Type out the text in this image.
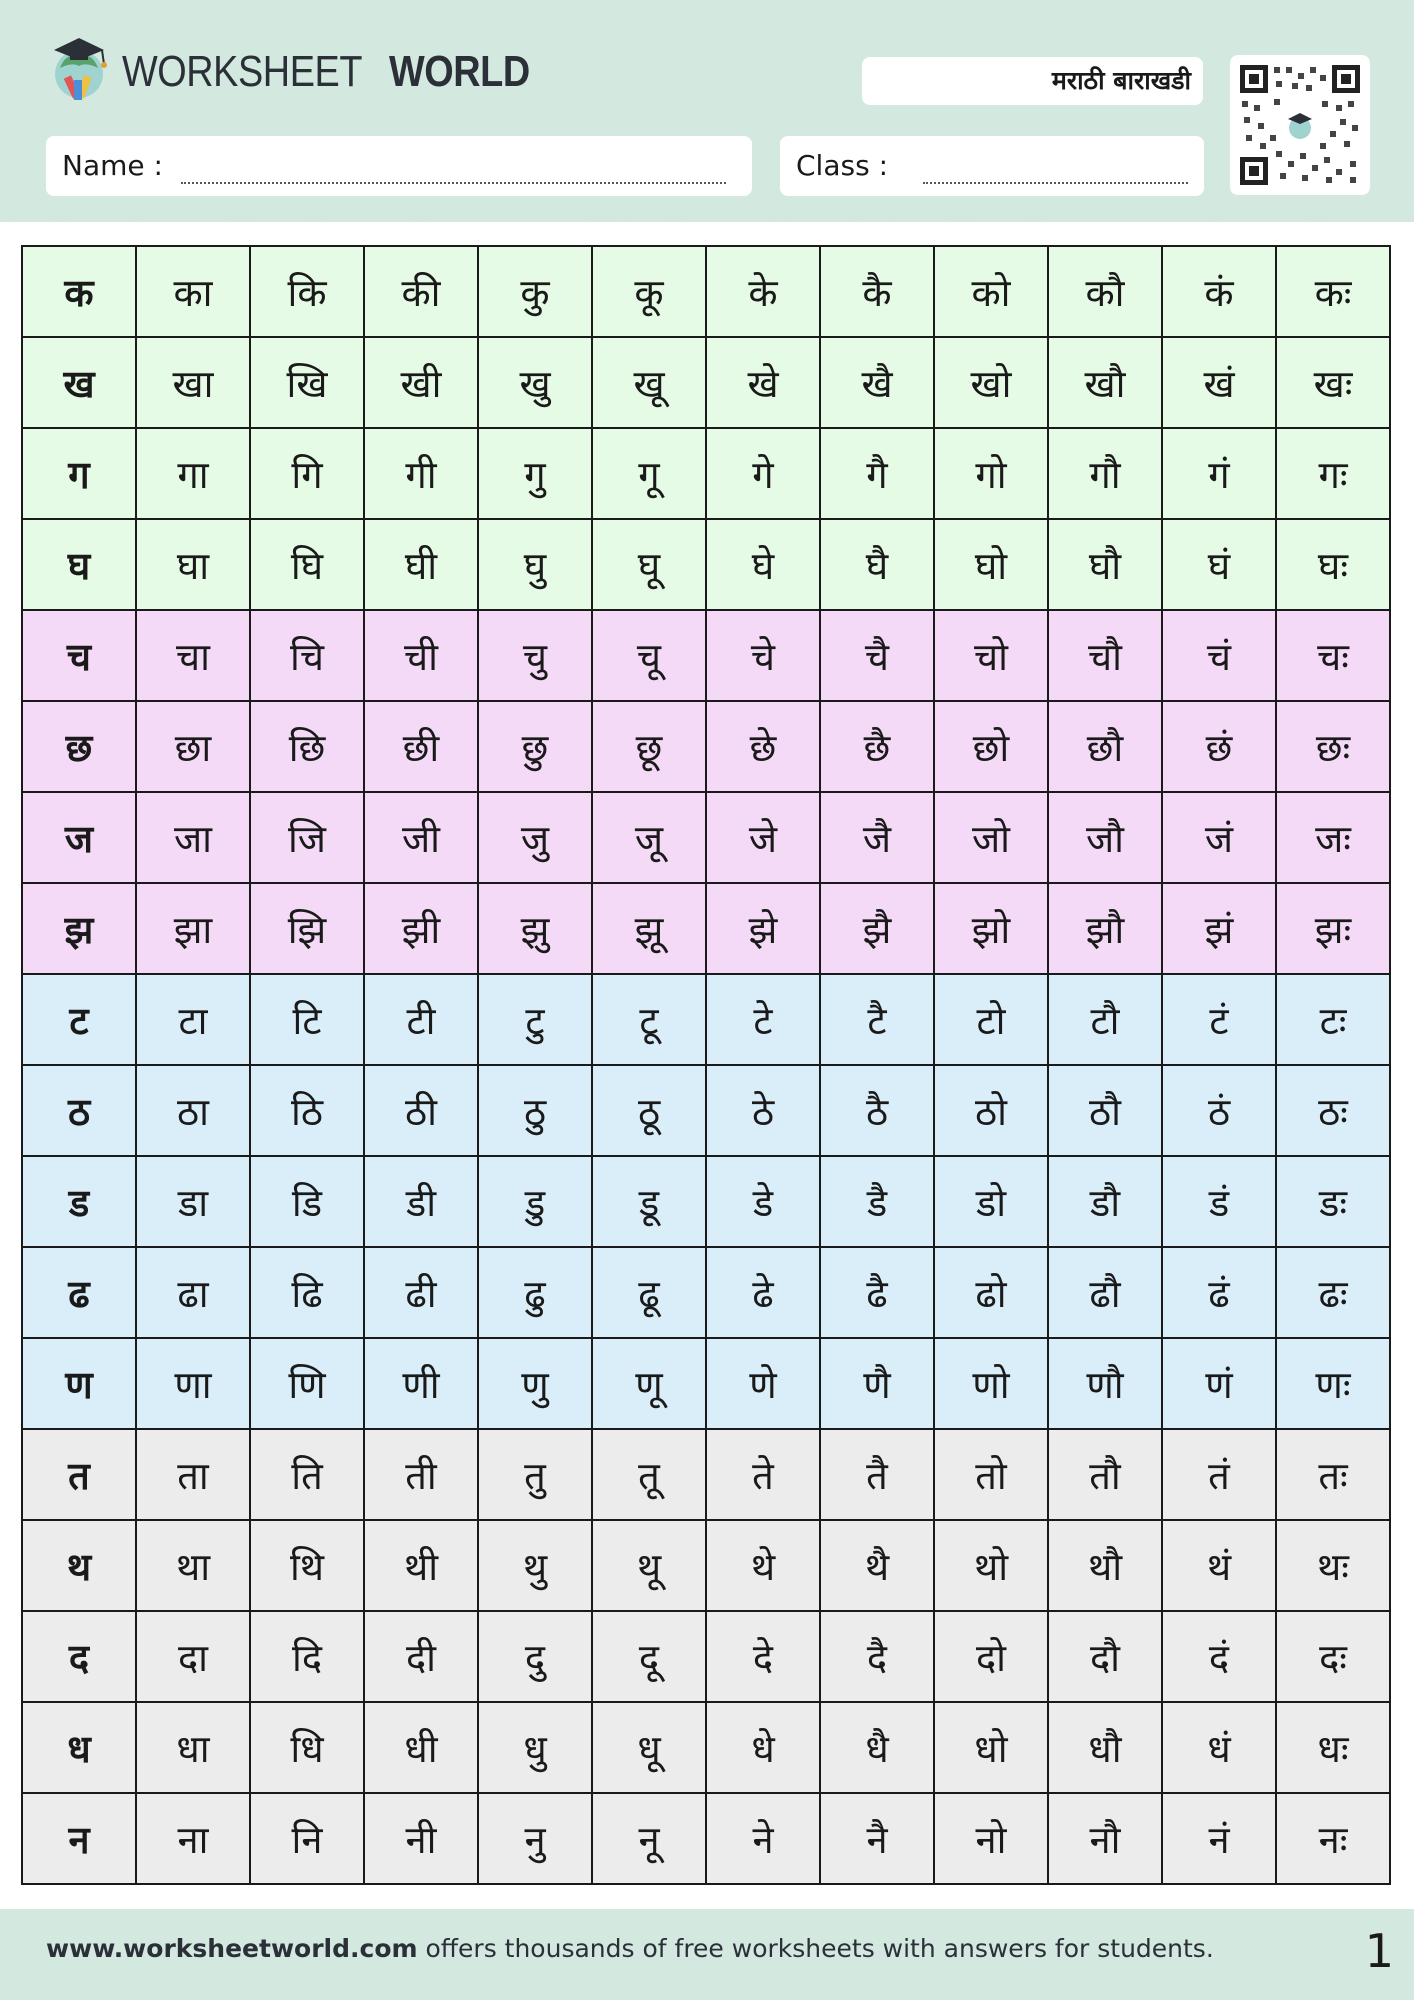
WORKSHEET WORLD	मराठी बाराखडी
Name :	Class :
क	का	कि	की	कु	कू	के	कै	को	कौ	कं	कः
ख	खा	खि	खी	खु	खू	खे	खै	खो	खौ	खं	खः
ग	गा	गि	गी	गु	गू	गे	गै	गो	गौ	गं	गः
घ	घा	घि	घी	घु	घू	घे	घै	घो	घौ	घं	घः
च	चा	चि	ची	चु	चू	चे	चै	चो	चौ	चं	चः
छ	छा	छि	छी	छु	छू	छे	छै	छो	छौ	छं	छः
ज	जा	जि	जी	जु	जू	जे	जै	जो	जौ	जं	जः
झ	झा	झि	झी	झु	झू	झे	झै	झो	झौ	झं	झः
ट	टा	टि	टी	टु	टू	टे	टै	टो	टौ	टं	टः
ठ	ठा	ठि	ठी	ठु	ठू	ठे	ठै	ठो	ठौ	ठं	ठः
ड	डा	डि	डी	डु	डू	डे	डै	डो	डौ	डं	डः
ढ	ढा	ढि	ढी	ढु	ढू	ढे	ढै	ढो	ढौ	ढं	ढः
ण	णा	णि	णी	णु	णू	णे	णै	णो	णौ	णं	णः
त	ता	ति	ती	तु	तू	ते	तै	तो	तौ	तं	तः
थ	था	थि	थी	थु	थू	थे	थै	थो	थौ	थं	थः
द	दा	दि	दी	दु	दू	दे	दै	दो	दौ	दं	दः
ध	धा	धि	धी	धु	धू	धे	धै	धो	धौ	धं	धः
न	ना	नि	नी	नु	नू	ने	नै	नो	नौ	नं	नः
www.worksheetworld.com offers thousands of free worksheets with answers for students.	1
